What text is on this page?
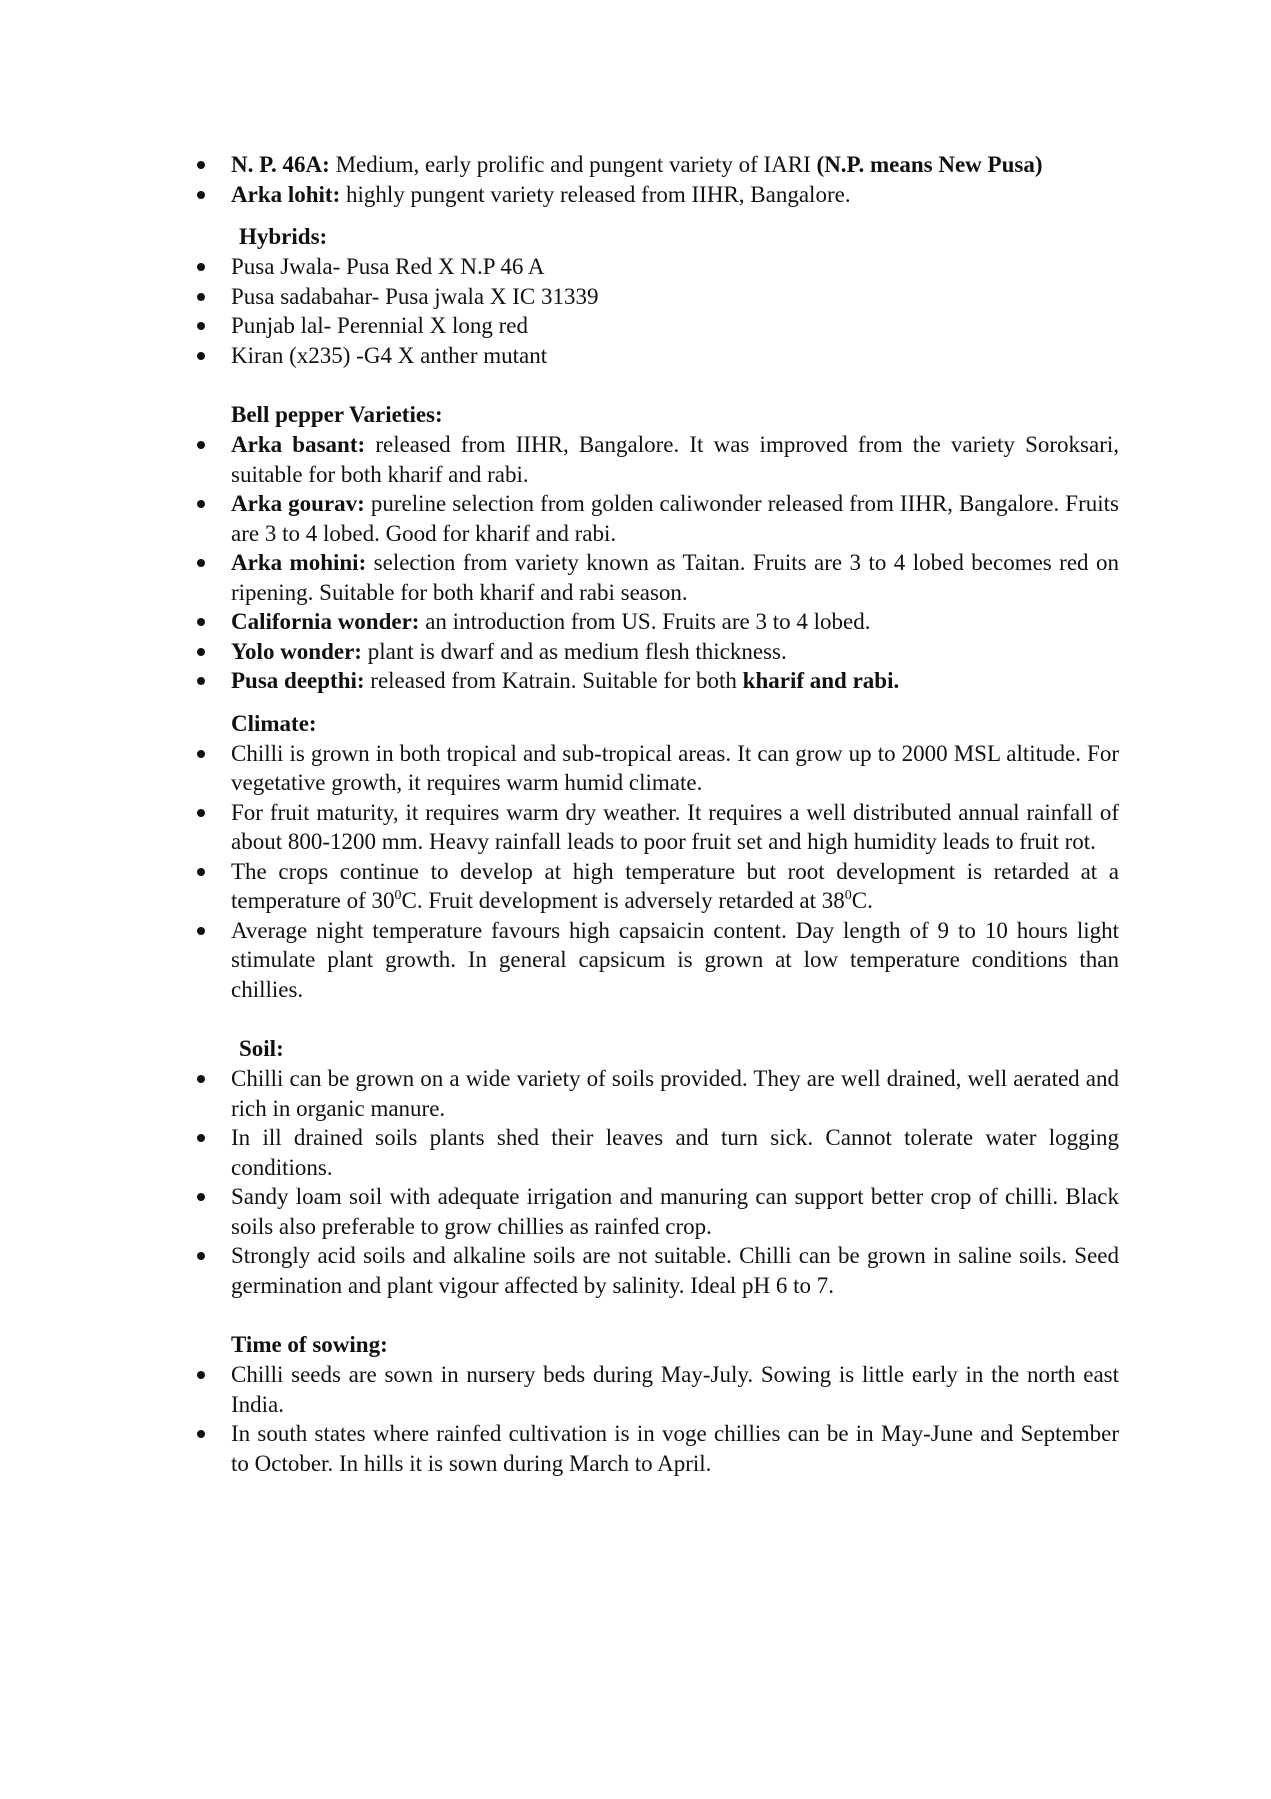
N. P. 46A: Medium, early prolific and pungent variety of IARI (N.P. means New Pusa)
Arka lohit: highly pungent variety released from IIHR, Bangalore.
Hybrids:
Pusa Jwala- Pusa Red X N.P 46 A
Pusa sadabahar- Pusa jwala X IC 31339
Punjab lal- Perennial X long red
Kiran (x235) -G4 X anther mutant
Bell pepper Varieties:
Arka basant: released from IIHR, Bangalore. It was improved from the variety Soroksari, suitable for both kharif and rabi.
Arka gourav: pureline selection from golden caliwonder released from IIHR, Bangalore. Fruits are 3 to 4 lobed. Good for kharif and rabi.
Arka mohini: selection from variety known as Taitan. Fruits are 3 to 4 lobed becomes red on ripening. Suitable for both kharif and rabi season.
California wonder: an introduction from US. Fruits are 3 to 4 lobed.
Yolo wonder: plant is dwarf and as medium flesh thickness.
Pusa deepthi: released from Katrain. Suitable for both kharif and rabi.
Climate:
Chilli is grown in both tropical and sub-tropical areas. It can grow up to 2000 MSL altitude. For vegetative growth, it requires warm humid climate.
For fruit maturity, it requires warm dry weather. It requires a well distributed annual rainfall of about 800-1200 mm. Heavy rainfall leads to poor fruit set and high humidity leads to fruit rot.
The crops continue to develop at high temperature but root development is retarded at a temperature of $30^0C$. Fruit development is adversely retarded at $38^0C$.
Average night temperature favours high capsaicin content. Day length of 9 to 10 hours light stimulate plant growth. In general capsicum is grown at low temperature conditions than chillies.
Soil:
Chilli can be grown on a wide variety of soils provided. They are well drained, well aerated and rich in organic manure.
In ill drained soils plants shed their leaves and turn sick. Cannot tolerate water logging conditions.
Sandy loam soil with adequate irrigation and manuring can support better crop of chilli. Black soils also preferable to grow chillies as rainfed crop.
Strongly acid soils and alkaline soils are not suitable. Chilli can be grown in saline soils. Seed germination and plant vigour affected by salinity. Ideal pH 6 to 7.
Time of sowing:
Chilli seeds are sown in nursery beds during May-July. Sowing is little early in the north east India.
In south states where rainfed cultivation is in voge chillies can be in May-June and September to October. In hills it is sown during March to April.
